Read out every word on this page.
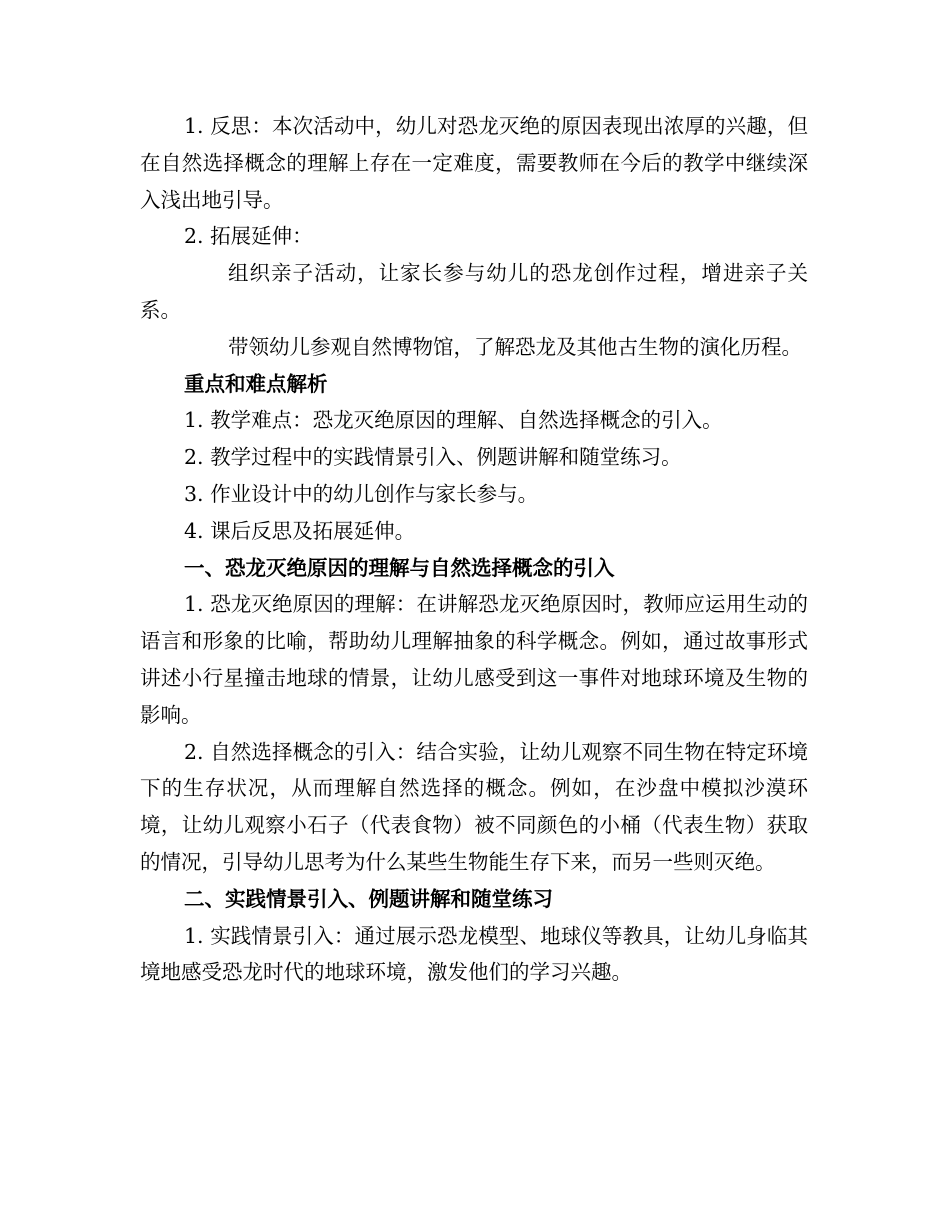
1. 反思：本次活动中，幼儿对恐龙灭绝的原因表现出浓厚的兴趣，但在自然选择概念的理解上存在一定难度，需要教师在今后的教学中继续深入浅出地引导。

2. 拓展延伸：

组织亲子活动，让家长参与幼儿的恐龙创作过程，增进亲子关系。

带领幼儿参观自然博物馆，了解恐龙及其他古生物的演化历程。

重点和难点解析

1. 教学难点：恐龙灭绝原因的理解、自然选择概念的引入。

2. 教学过程中的实践情景引入、例题讲解和随堂练习。

3. 作业设计中的幼儿创作与家长参与。

4. 课后反思及拓展延伸。

一、恐龙灭绝原因的理解与自然选择概念的引入

1. 恐龙灭绝原因的理解：在讲解恐龙灭绝原因时，教师应运用生动的语言和形象的比喻，帮助幼儿理解抽象的科学概念。例如，通过故事形式讲述小行星撞击地球的情景，让幼儿感受到这一事件对地球环境及生物的影响。

2. 自然选择概念的引入：结合实验，让幼儿观察不同生物在特定环境下的生存状况，从而理解自然选择的概念。例如，在沙盘中模拟沙漠环境，让幼儿观察小石子（代表食物）被不同颜色的小桶（代表生物）获取的情况，引导幼儿思考为什么某些生物能生存下来，而另一些则灭绝。

二、实践情景引入、例题讲解和随堂练习

1. 实践情景引入：通过展示恐龙模型、地球仪等教具，让幼儿身临其境地感受恐龙时代的地球环境，激发他们的学习兴趣。
